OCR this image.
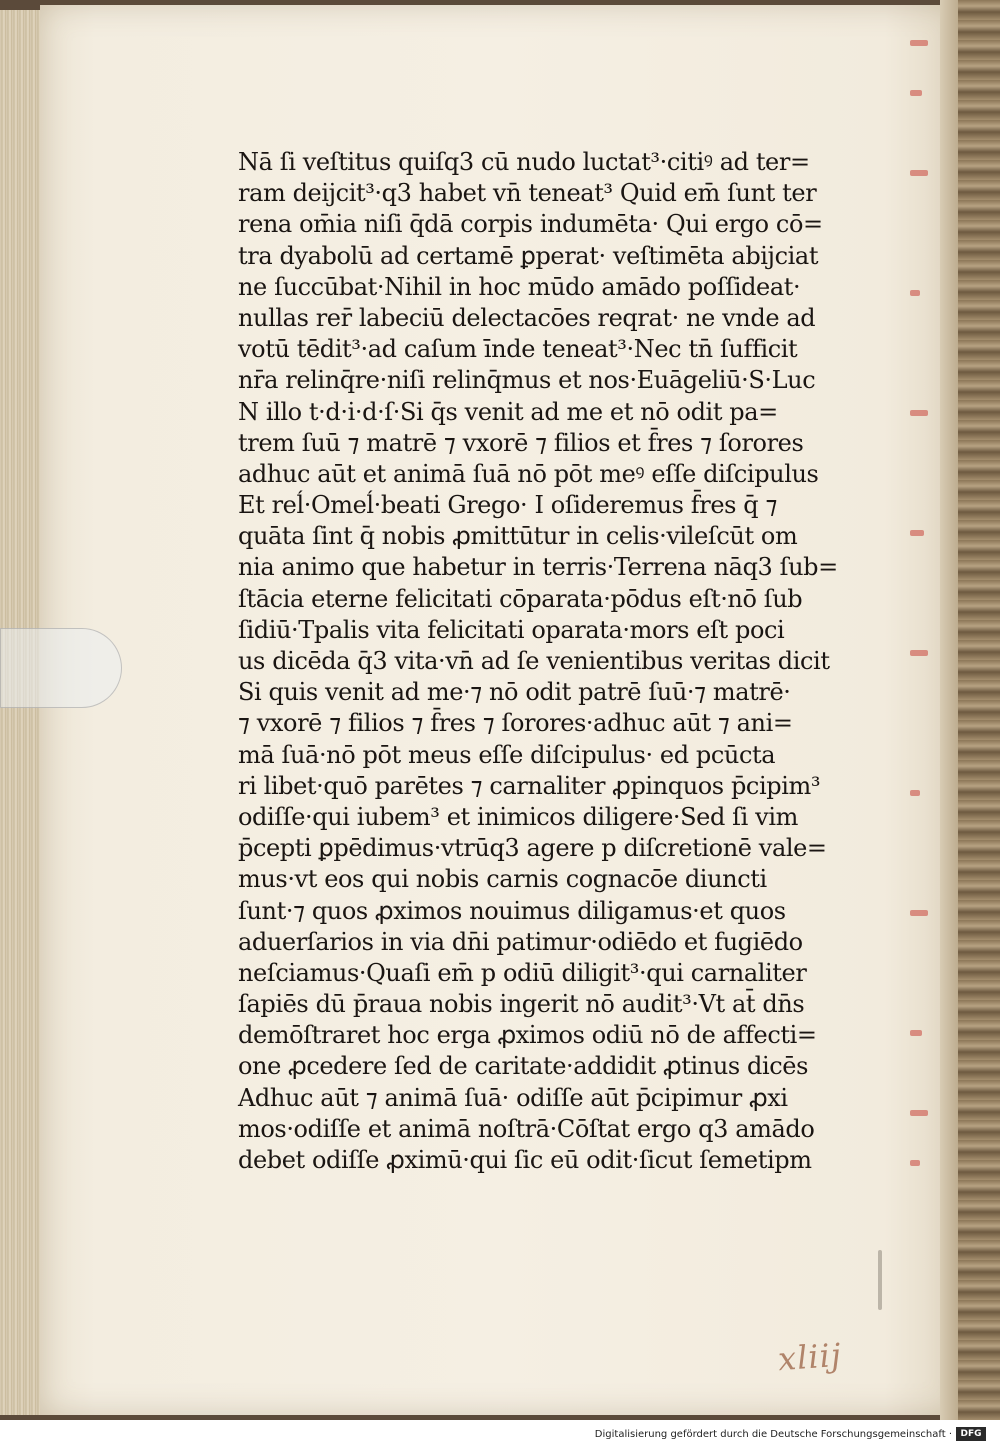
Nā ſi veſtitus quiſq3 cū nudo luctat³·citiꝰ ad ter=
ram deijcit³·q3 habet vn̄ teneat³ Quid em̄ ſunt ter
rena om̄ia niſi q̄dā corpis indumēta· Qui ergo cō=
tra dyabolū ad certamē ꝑperat· veſtimēta abijciat
ne ſuccūbat·Nihil in hoc mūdo amādo poſſideat·
nullas rer̄ labeciū delectacōes reqrat· ne vnde ad
votū tēdit³·ad caſum īnde teneat³·Nec tn̄ ſufficit
nr̄a relinq̄re·niſi relinq̄mus et nos·Euāgeliū·S·Luc
N illo t·d·i·d·ſ·Si q̄s venit ad me et nō odit pa=
trem ſuū ⁊ matrē ⁊ vxorē ⁊ filios et f̄res ⁊ ſorores
adhuc aūt et animā ſuā nō pōt meꝰ eſſe diſcipulus
Et reĺ·Omeĺ·beati Grego· I oſideremus f̄res q̄ ⁊
quāta ſint q̄ nobis ꝓmittūtur in celis·vileſcūt om
nia animo que habetur in terris·Terrena nāq3 ſub=
ſtācia eterne felicitati cōparata·pōdus eſt·nō ſub
ſidiū·Tpalis vita felicitati oparata·mors eſt poci
us dicēda q̄3 vita·vn̄ ad ſe venientibus veritas dicit
Si quis venit ad me·⁊ nō odit patrē ſuū·⁊ matrē·
⁊ vxorē ⁊ filios ⁊ f̄res ⁊ ſorores·adhuc aūt ⁊ ani=
mā ſuā·nō pōt meus eſſe diſcipulus· ed pcūcta
ri libet·quō parētes ⁊ carnaliter ꝓpinquos p̄cipim³
odiſſe·qui iubem³ et inimicos diligere·Sed ſi vim
p̄cepti ꝑpēdimus·vtrūq3 agere p diſcretionē vale=
mus·vt eos qui nobis carnis cognacōe diuncti
ſunt·⁊ quos ꝓximos nouimus diligamus·et quos
aduerſarios in via dn̄i patimur·odiēdo et fugiēdo
neſciamus·Quaſi em̄ p odiū diligit³·qui carnaliter
ſapiēs dū p̄raua nobis ingerit nō audit³·Vt at̄ dn̄s
demōſtraret hoc erga ꝓximos odiū nō de affecti=
one ꝓcedere ſed de caritate·addidit ꝓtinus dicēs
Adhuc aūt ⁊ animā ſuā· odiſſe aūt p̄cipimur ꝓxi
mos·odiſſe et animā noſtrā·Cōſtat ergo q3 amādo
debet odiſſe ꝓximū·qui ſic eū odit·ſicut ſemetipm
xliij
Digitalisierung gefördert durch die Deutsche Forschungsgemeinschaft · DFG
